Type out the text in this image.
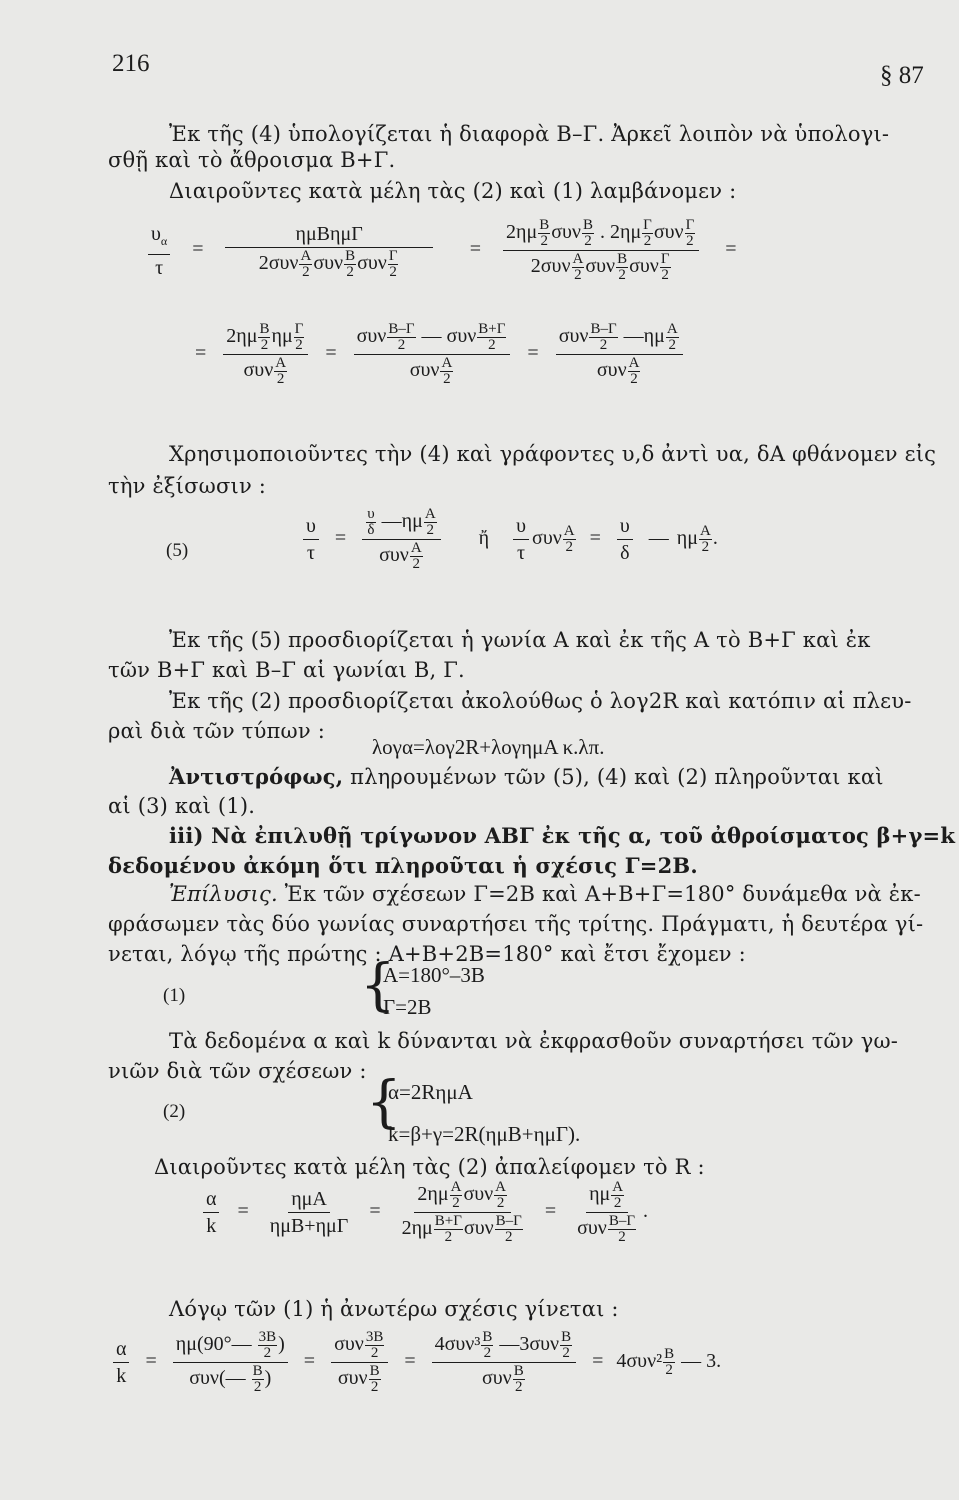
216	§ 87
Ἐκ τῆς (4) ὑπολογίζεται ἡ διαφορὰ Β–Γ. Ἀρκεῖ λοιπὸν νὰ ὑπολογι-
σθῇ καὶ τὸ ἄθροισμα Β+Γ.
Διαιροῦντες κατὰ μέλη τὰς (2) καὶ (1) λαμβάνομεν :
$\frac{\upsilon_\alpha}{\tau} = \frac{\text{ημΒημΓ}}{2\sigma\upsilon\nu \frac{A}{2} \sigma\upsilon\nu \frac{B}{2} \sigma\upsilon\nu \frac{\Gamma}{2}} = \frac{2\eta\mu \frac{B}{2} \sigma\upsilon\nu \frac{B}{2} . 2\eta\mu \frac{\Gamma}{2} \sigma\upsilon\nu \frac{\Gamma}{2}}{2\sigma\upsilon\nu \frac{A}{2} \sigma\upsilon\nu \frac{B}{2} \sigma\upsilon\nu \frac{\Gamma}{2}}$ =
= $\frac{2\eta\mu \frac{B}{2} \eta\mu \frac{\Gamma}{2}}{\sigma\upsilon\nu \frac{A}{2}} = \frac{\sigma\upsilon\nu \frac{B-\Gamma}{2} — \sigma\upsilon\nu \frac{B+\Gamma}{2}}{\sigma\upsilon\nu \frac{A}{2}} = \frac{\sigma\upsilon\nu \frac{B-\Gamma}{2} —\eta\mu \frac{A}{2}}{\sigma\upsilon\nu \frac{A}{2}}$
Χρησιμοποιοῦντες τὴν (4) καὶ γράφοντες υ,δ ἀντὶ υα, δΑ φθάνομεν εἰς
τὴν ἐξίσωσιν :
(5)	$\frac{\upsilon}{\tau} = \frac{\frac{\upsilon}{\delta} —\eta\mu \frac{A}{2}}{\sigma\upsilon\nu \frac{A}{2}}$ ἤ $\frac{\upsilon}{\tau}$ συν $\frac{A}{2} = \frac{\upsilon}{\delta}$ — ημ $\frac{A}{2}$ .
Ἐκ τῆς (5) προσδιορίζεται ἡ γωνία Α καὶ ἐκ τῆς Α τὸ Β+Γ καὶ ἐκ
τῶν Β+Γ καὶ Β–Γ αἱ γωνίαι Β, Γ.
Ἐκ τῆς (2) προσδιορίζεται ἀκολούθως ὁ λογ2R καὶ κατόπιν αἱ πλευ-
ραὶ διὰ τῶν τύπων :
λογα=λογ2R+λογημΑ κ.λπ.
Ἀντιστρόφως, πληρουμένων τῶν (5), (4) καὶ (2) πληροῦνται καὶ
αἱ (3) καὶ (1).
iii) Νὰ ἐπιλυθῇ τρίγωνον ΑΒΓ ἐκ τῆς α, τοῦ ἀθροίσματος β+γ=k
δεδομένου ἀκόμη ὅτι πληροῦται ἡ σχέσις Γ=2Β.
Ἐπίλυσις. Ἐκ τῶν σχέσεων Γ=2Β καὶ Α+Β+Γ=180° δυνάμεθα νὰ ἐκ-
φράσωμεν τὰς δύο γωνίας συναρτήσει τῆς τρίτης. Πράγματι, ἡ δευτέρα γί-
νεται, λόγῳ τῆς πρώτης : Α+Β+2Β=180° καὶ ἔτσι ἔχομεν :
(1)	{
Α=180°–3Β
Γ=2Β
Τὰ δεδομένα α καὶ k δύνανται νὰ ἐκφρασθοῦν συναρτήσει τῶν γω-
νιῶν διὰ τῶν σχέσεων :
(2)	{
α=2RημΑ
k=β+γ=2R(ημΒ+ημΓ).
Διαιροῦντες κατὰ μέλη τὰς (2) ἀπαλείφομεν τὸ R :
$\frac{\alpha}{k} = \frac{\text{ημΑ}}{\text{ημΒ+ημΓ}} = \frac{2\eta\mu \frac{A}{2} \sigma\upsilon\nu \frac{A}{2}}{2\eta\mu \frac{B+\Gamma}{2} \sigma\upsilon\nu \frac{B-\Gamma}{2}} = \frac{\eta\mu \frac{A}{2}}{\sigma\upsilon\nu \frac{B-\Gamma}{2}}$ .
Λόγῳ τῶν (1) ἡ ἀνωτέρω σχέσις γίνεται :
$\frac{\alpha}{k} = \frac{\eta\mu(90^\circ— \frac{3B}{2} )}{\sigma\upsilon\nu(— \frac{B}{2} )} = \frac{\sigma\upsilon\nu \frac{3B}{2}}{\sigma\upsilon\nu \frac{B}{2}} = \frac{4\sigma\upsilon\nu^3 \frac{B}{2} —3\sigma\upsilon\nu \frac{B}{2}}{\sigma\upsilon\nu \frac{B}{2}} = 4\sigma\upsilon\nu^2 \frac{B}{2}$ — 3.
